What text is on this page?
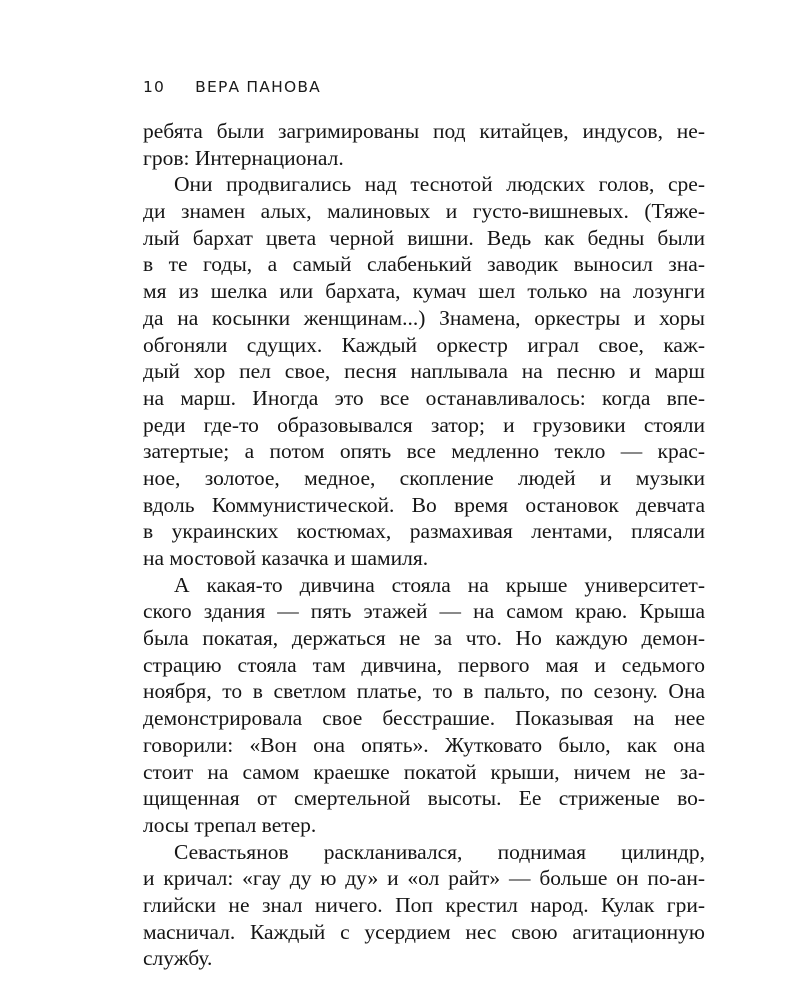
10 ВЕРА ПАНОВА
ребята были загримированы под китайцев, индусов, не-
гров: Интернационал.
Они продвигались над теснотой людских голов, сре-
ди знамен алых, малиновых и густо-вишневых. (Тяже-
лый бархат цвета черной вишни. Ведь как бедны были
в те годы, а самый слабенький заводик выносил зна-
мя из шелка или бархата, кумач шел только на лозунги
да на косынки женщинам...) Знамена, оркестры и хоры
обгоняли сдущих. Каждый оркестр играл свое, каж-
дый хор пел свое, песня наплывала на песню и марш
на марш. Иногда это все останавливалось: когда впе-
реди где-то образовывался затор; и грузовики стояли
затертые; а потом опять все медленно текло — крас-
ное, золотое, медное, скопление людей и музыки
вдоль Коммунистической. Во время остановок девчата
в украинских костюмах, размахивая лентами, плясали
на мостовой казачка и шамиля.
А какая-то дивчина стояла на крыше университет-
ского здания — пять этажей — на самом краю. Крыша
была покатая, держаться не за что. Но каждую демон-
страцию стояла там дивчина, первого мая и седьмого
ноября, то в светлом платье, то в пальто, по сезону. Она
демонстрировала свое бесстрашие. Показывая на нее
говорили: «Вон она опять». Жутковато было, как она
стоит на самом краешке покатой крыши, ничем не за-
щищенная от смертельной высоты. Ее стриженые во-
лосы трепал ветер.
Севастьянов раскланивался, поднимая цилиндр,
и кричал: «гау ду ю ду» и «ол райт» — больше он по-ан-
глийски не знал ничего. Поп крестил народ. Кулак гри-
масничал. Каждый с усердием нес свою агитационную
службу.
